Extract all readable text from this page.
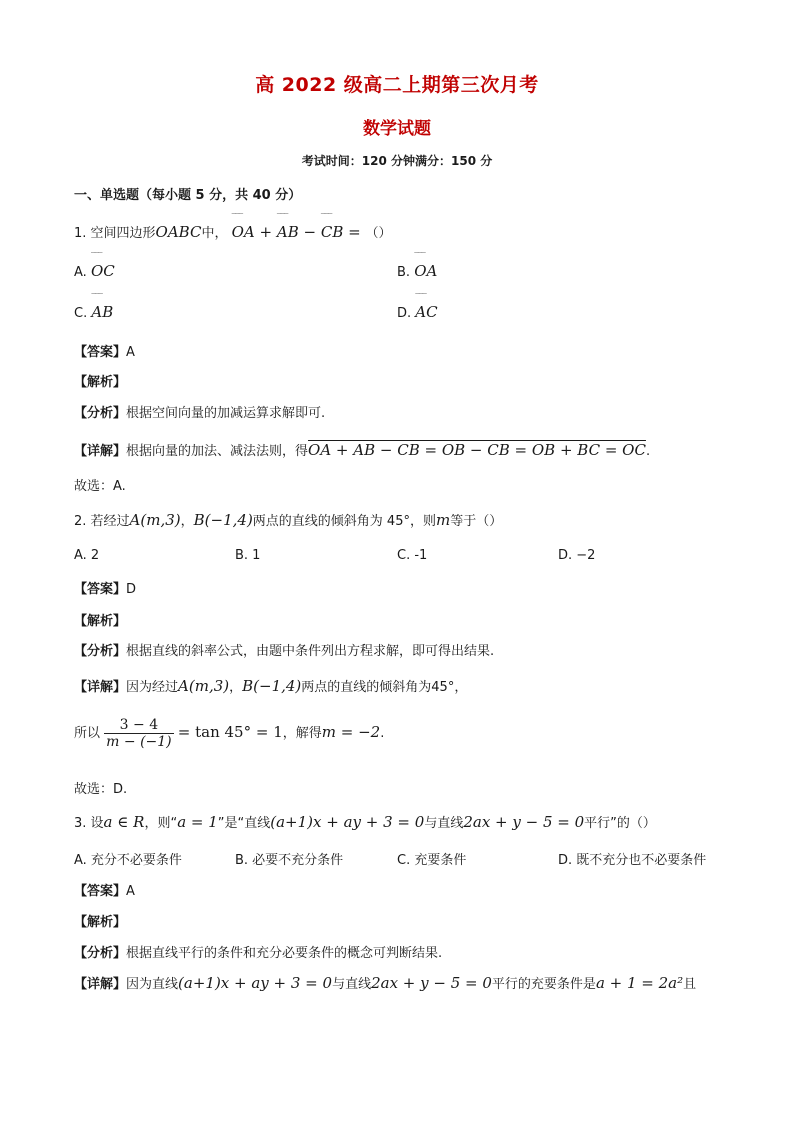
高 2022 级高二上期第三次月考
数学试题
考试时间：120 分钟满分：150 分
一、单选题（每小题 5 分，共 40 分）
1. 空间四边形OABC中， ‾‾‾ OA + ‾‾‾ AB − ‾‾‾ CB = （）
A. ‾‾‾ OC	B. ‾‾‾ OA
C. ‾‾‾ AB	D. ‾‾‾ AC
【答案】A
【解析】
【分析】根据空间向量的加减运算求解即可.
【详解】根据向量的加法、减法法则，得OA + AB − CB = OB − CB = OB + BC = OC.
故选：A.
2. 若经过A(m,3)，B(−1,4)两点的直线的倾斜角为 45°，则m等于（）
A. 2	B. 1	C. -1	D. −2
【答案】D
【解析】
【分析】根据直线的斜率公式，由题中条件列出方程求解，即可得出结果.
【详解】因为经过A(m,3)，B(−1,4)两点的直线的倾斜角为45°，
所以 $\frac{3 - 4}{m - (-1)} = \tan 45^\circ = 1$，解得m = −2.
故选：D.
3. 设a ∈ R，则“a = 1”是“直线(a+1)x + ay + 3 = 0与直线2ax + y − 5 = 0平行”的（）
A. 充分不必要条件	B. 必要不充分条件	C. 充要条件	D. 既不充分也不必要条件
【答案】A
【解析】
【分析】根据直线平行的条件和充分必要条件的概念可判断结果.
【详解】因为直线(a+1)x + ay + 3 = 0与直线2ax + y − 5 = 0平行的充要条件是a + 1 = 2a²且
